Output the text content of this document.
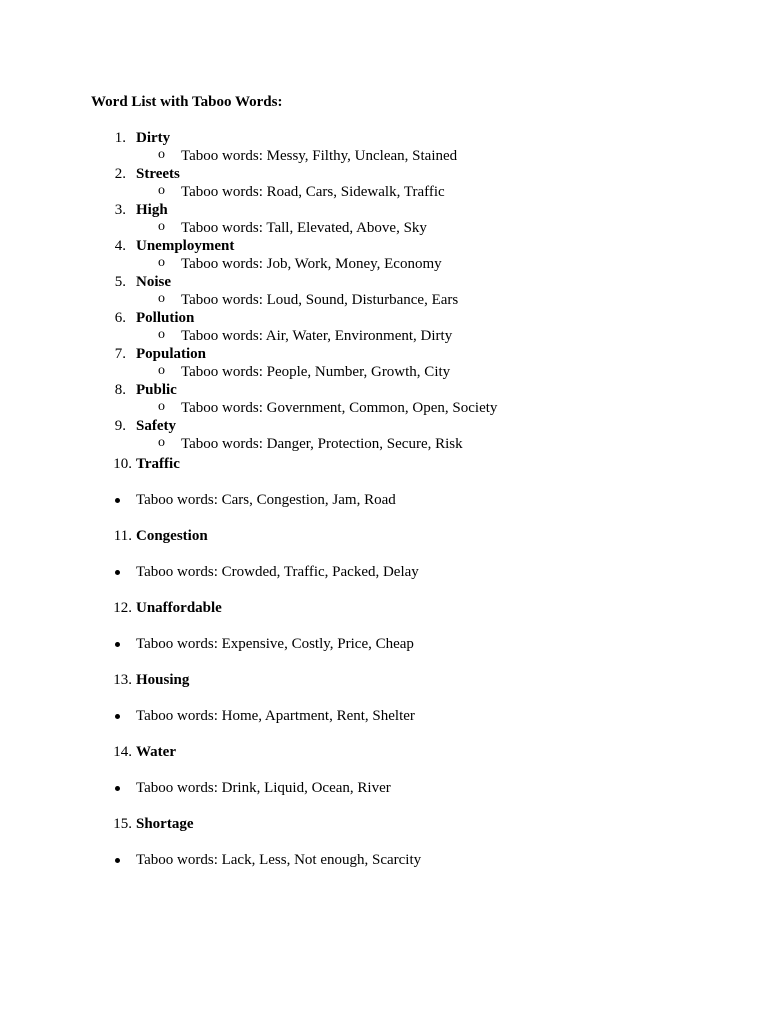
Word List with Taboo Words:
1. Dirty
o Taboo words: Messy, Filthy, Unclean, Stained
2. Streets
o Taboo words: Road, Cars, Sidewalk, Traffic
3. High
o Taboo words: Tall, Elevated, Above, Sky
4. Unemployment
o Taboo words: Job, Work, Money, Economy
5. Noise
o Taboo words: Loud, Sound, Disturbance, Ears
6. Pollution
o Taboo words: Air, Water, Environment, Dirty
7. Population
o Taboo words: People, Number, Growth, City
8. Public
o Taboo words: Government, Common, Open, Society
9. Safety
o Taboo words: Danger, Protection, Secure, Risk
10. Traffic
Taboo words: Cars, Congestion, Jam, Road
11. Congestion
Taboo words: Crowded, Traffic, Packed, Delay
12. Unaffordable
Taboo words: Expensive, Costly, Price, Cheap
13. Housing
Taboo words: Home, Apartment, Rent, Shelter
14. Water
Taboo words: Drink, Liquid, Ocean, River
15. Shortage
Taboo words: Lack, Less, Not enough, Scarcity
